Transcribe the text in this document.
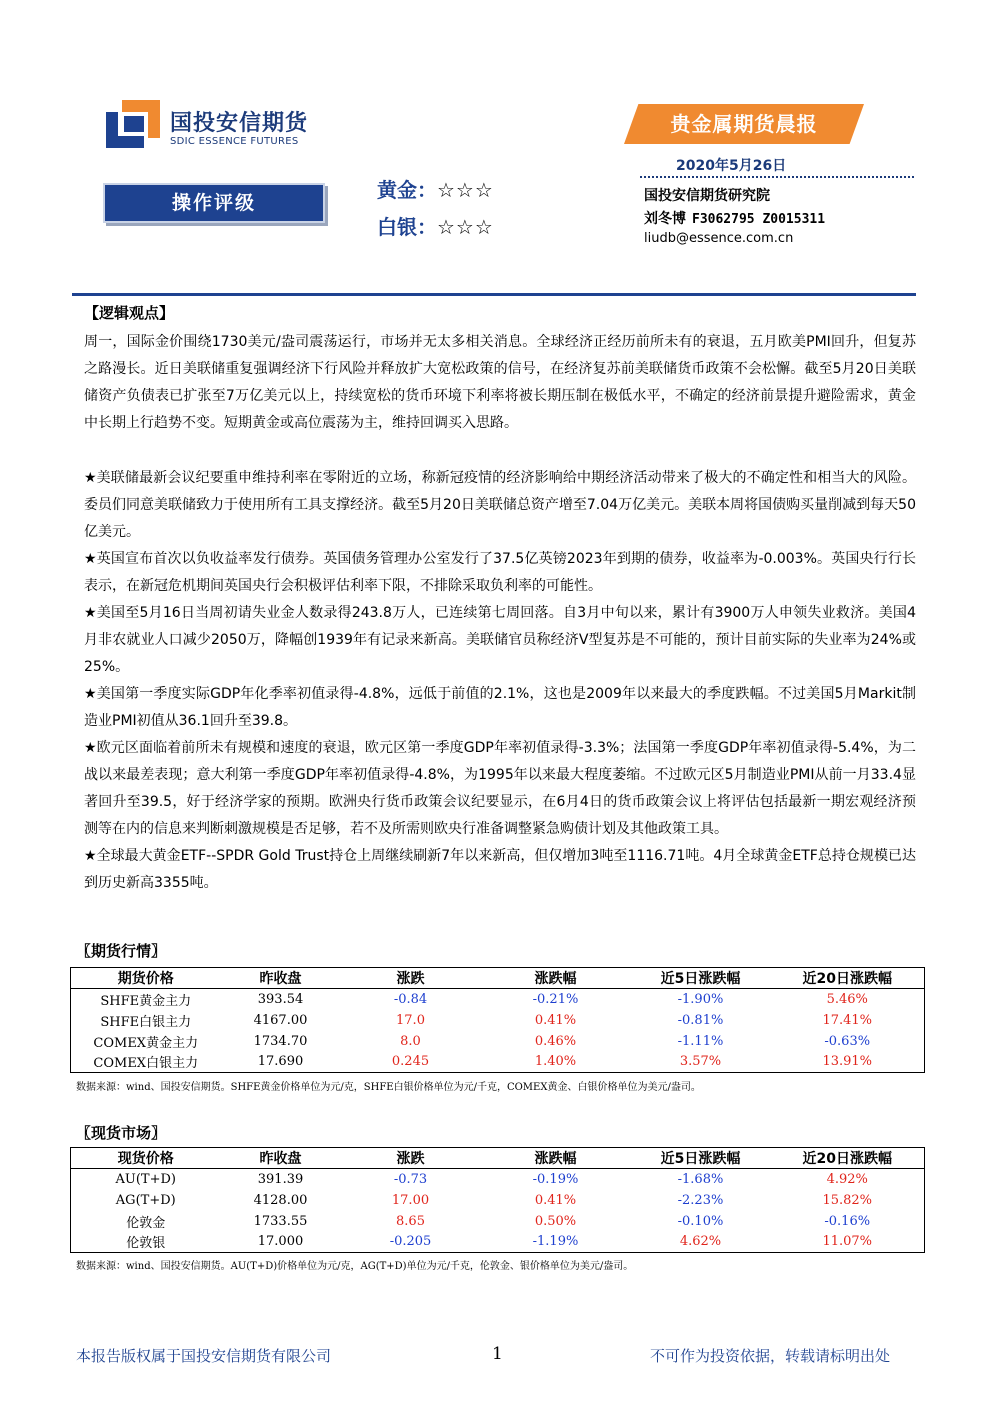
国投安信期货
SDIC ESSENCE FUTURES
贵金属期货晨报
2020年5月26日
国投安信期货研究院
刘冬博 F3062795 Z0015311
liudb@essence.com.cn
操作评级
黄金：☆☆☆
白银：☆☆☆
【逻辑观点】
周一，国际金价围绕1730美元/盎司震荡运行，市场并无太多相关消息。全球经济正经历前所未有的衰退，五月欧美PMI回升，但复苏之路漫长。近日美联储重复强调经济下行风险并释放扩大宽松政策的信号，在经济复苏前美联储货币政策不会松懈。截至5月20日美联储资产负债表已扩张至7万亿美元以上，持续宽松的货币环境下利率将被长期压制在极低水平，不确定的经济前景提升避险需求，黄金中长期上行趋势不变。短期黄金或高位震荡为主，维持回调买入思路。

★美联储最新会议纪要重申维持利率在零附近的立场，称新冠疫情的经济影响给中期经济活动带来了极大的不确定性和相当大的风险。委员们同意美联储致力于使用所有工具支撑经济。截至5月20日美联储总资产增至7.04万亿美元。美联本周将国债购买量削减到每天50亿美元。

★英国宣布首次以负收益率发行债券。英国债务管理办公室发行了37.5亿英镑2023年到期的债券，收益率为-0.003%。英国央行行长表示，在新冠危机期间英国央行会积极评估利率下限，不排除采取负利率的可能性。

★美国至5月16日当周初请失业金人数录得243.8万人，已连续第七周回落。自3月中旬以来，累计有3900万人申领失业救济。美国4月非农就业人口减少2050万，降幅创1939年有记录来新高。美联储官员称经济V型复苏是不可能的，预计目前实际的失业率为24%或25%。

★美国第一季度实际GDP年化季率初值录得-4.8%，远低于前值的2.1%，这也是2009年以来最大的季度跌幅。不过美国5月Markit制造业PMI初值从36.1回升至39.8。

★欧元区面临着前所未有规模和速度的衰退，欧元区第一季度GDP年率初值录得-3.3%；法国第一季度GDP年率初值录得-5.4%，为二战以来最差表现；意大利第一季度GDP年率初值录得-4.8%，为1995年以来最大程度萎缩。不过欧元区5月制造业PMI从前一月33.4显著回升至39.5，好于经济学家的预期。欧洲央行货币政策会议纪要显示，在6月4日的货币政策会议上将评估包括最新一期宏观经济预测等在内的信息来判断刺激规模是否足够，若不及所需则欧央行准备调整紧急购债计划及其他政策工具。

★全球最大黄金ETF--SPDR Gold Trust持仓上周继续刷新7年以来新高，但仅增加3吨至1116.71吨。4月全球黄金ETF总持仓规模已达到历史新高3355吨。

〖期货行情〗
期货价格	昨收盘	涨跌	涨跌幅	近5日涨跌幅	近20日涨跌幅
SHFE黄金主力	393.54	-0.84	-0.21%	-1.90%	5.46%
SHFE白银主力	4167.00	17.0	0.41%	-0.81%	17.41%
COMEX黄金主力	1734.70	8.0	0.46%	-1.11%	-0.63%
COMEX白银主力	17.690	0.245	1.40%	3.57%	13.91%
数据来源：wind、国投安信期货。SHFE黄金价格单位为元/克，SHFE白银价格单位为元/千克，COMEX黄金、白银价格单位为美元/盎司。
〖现货市场〗
现货价格	昨收盘	涨跌	涨跌幅	近5日涨跌幅	近20日涨跌幅
AU(T+D)	391.39	-0.73	-0.19%	-1.68%	4.92%
AG(T+D)	4128.00	17.00	0.41%	-2.23%	15.82%
伦敦金	1733.55	8.65	0.50%	-0.10%	-0.16%
伦敦银	17.000	-0.205	-1.19%	4.62%	11.07%
数据来源：wind、国投安信期货。AU(T+D)价格单位为元/克，AG(T+D)单位为元/千克，伦敦金、银价格单位为美元/盎司。
本报告版权属于国投安信期货有限公司	1	不可作为投资依据，转载请标明出处
